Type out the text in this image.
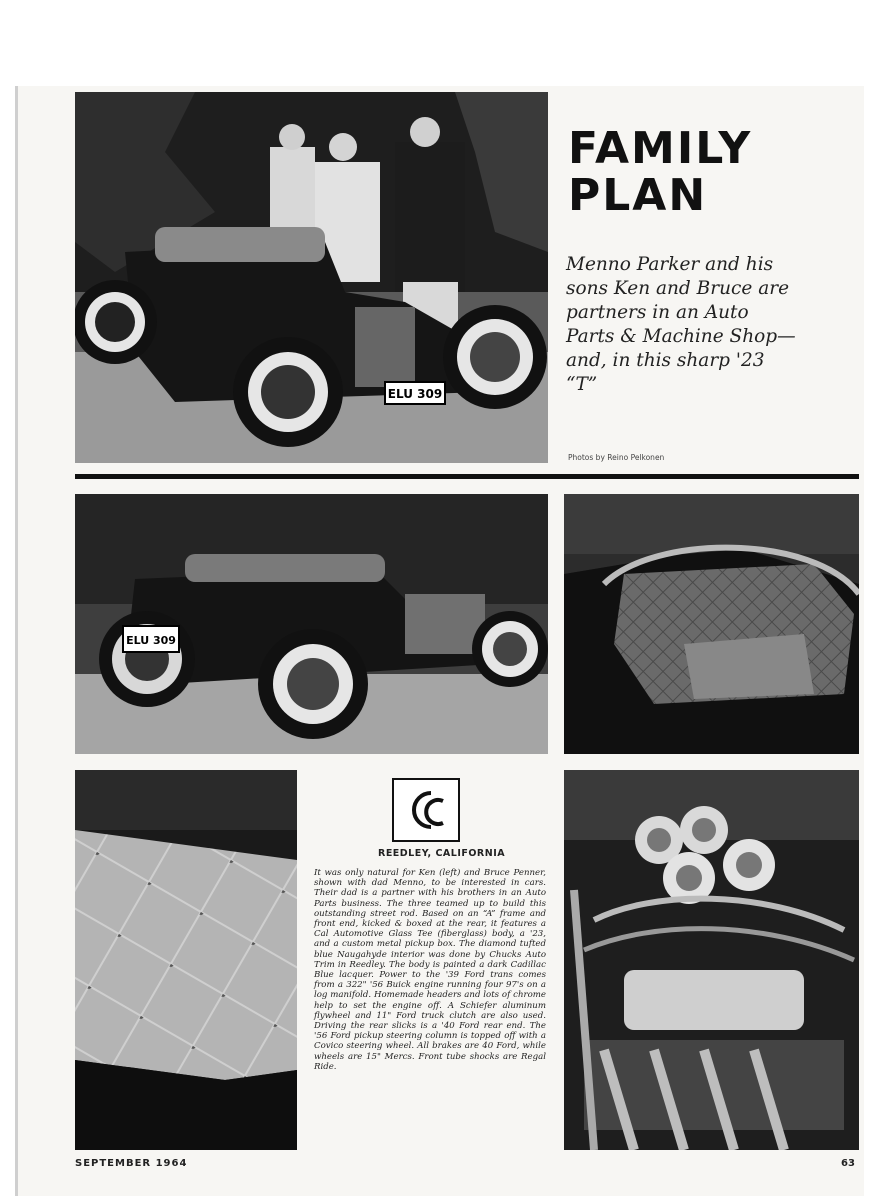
ELU 309
FAMILY
PLAN
Menno Parker and his sons Ken and Bruce are partners in an Auto Parts & Machine Shop—and, in this sharp '23 “T”
Photos by Reino Pelkonen
ELU 309
REEDLEY, CALIFORNIA
It was only natural for Ken (left) and Bruce Penner, shown with dad Menno, to be interested in cars. Their dad is a partner with his brothers in an Auto Parts business. The three teamed up to build this outstanding street rod. Based on an “A” frame and front end, kicked & boxed at the rear, it features a Cal Automotive Glass Tee (fiberglass) body, a '23, and a custom metal pickup box. The diamond tufted blue Naugahyde interior was done by Chucks Auto Trim in Reedley. The body is painted a dark Cadillac Blue lacquer. Power to the '39 Ford trans comes from a 322" '56 Buick engine running four 97's on a log manifold. Homemade headers and lots of chrome help to set the engine off. A Schiefer aluminum flywheel and 11" Ford truck clutch are also used. Driving the rear slicks is a '40 Ford rear end. The '56 Ford pickup steering column is topped off with a Covico steering wheel. All brakes are 40 Ford, while wheels are 15" Mercs. Front tube shocks are Regal Ride.
SEPTEMBER 1964	63
